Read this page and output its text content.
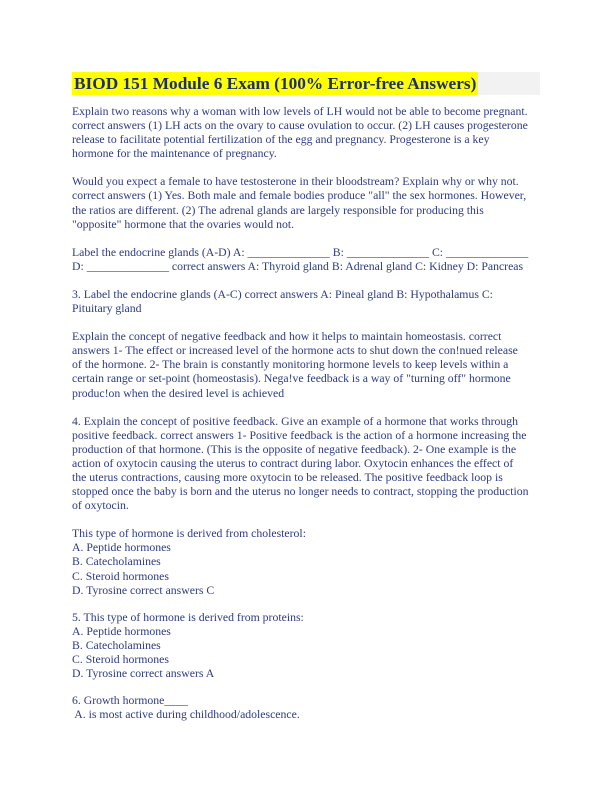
BIOD 151 Module 6 Exam (100% Error-free Answers)
Explain two reasons why a woman with low levels of LH would not be able to become pregnant.
correct answers (1) LH acts on the ovary to cause ovulation to occur. (2) LH causes progesterone
release to facilitate potential fertilization of the egg and pregnancy. Progesterone is a key
hormone for the maintenance of pregnancy.
Would you expect a female to have testosterone in their bloodstream? Explain why or why not.
correct answers (1) Yes. Both male and female bodies produce "all" the sex hormones. However,
the ratios are different. (2) The adrenal glands are largely responsible for producing this
"opposite" hormone that the ovaries would not.
Label the endocrine glands (A-D) A: ______________ B: ______________ C: ______________
D: ______________ correct answers A: Thyroid gland B: Adrenal gland C: Kidney D: Pancreas
3. Label the endocrine glands (A-C) correct answers A: Pineal gland B: Hypothalamus C:
Pituitary gland
Explain the concept of negative feedback and how it helps to maintain homeostasis. correct
answers 1- The effect or increased level of the hormone acts to shut down the con!nued release
of the hormone. 2- The brain is constantly monitoring hormone levels to keep levels within a
certain range or set-point (homeostasis). Nega!ve feedback is a way of "turning off" hormone
produc!on when the desired level is achieved
4. Explain the concept of positive feedback. Give an example of a hormone that works through
positive feedback. correct answers 1- Positive feedback is the action of a hormone increasing the
production of that hormone. (This is the opposite of negative feedback). 2- One example is the
action of oxytocin causing the uterus to contract during labor. Oxytocin enhances the effect of
the uterus contractions, causing more oxytocin to be released. The positive feedback loop is
stopped once the baby is born and the uterus no longer needs to contract, stopping the production
of oxytocin.
This type of hormone is derived from cholesterol:
A. Peptide hormones
B. Catecholamines
C. Steroid hormones
D. Tyrosine correct answers C
5. This type of hormone is derived from proteins:
A. Peptide hormones
B. Catecholamines
C. Steroid hormones
D. Tyrosine correct answers A
6. Growth hormone____
A. is most active during childhood/adolescence.
